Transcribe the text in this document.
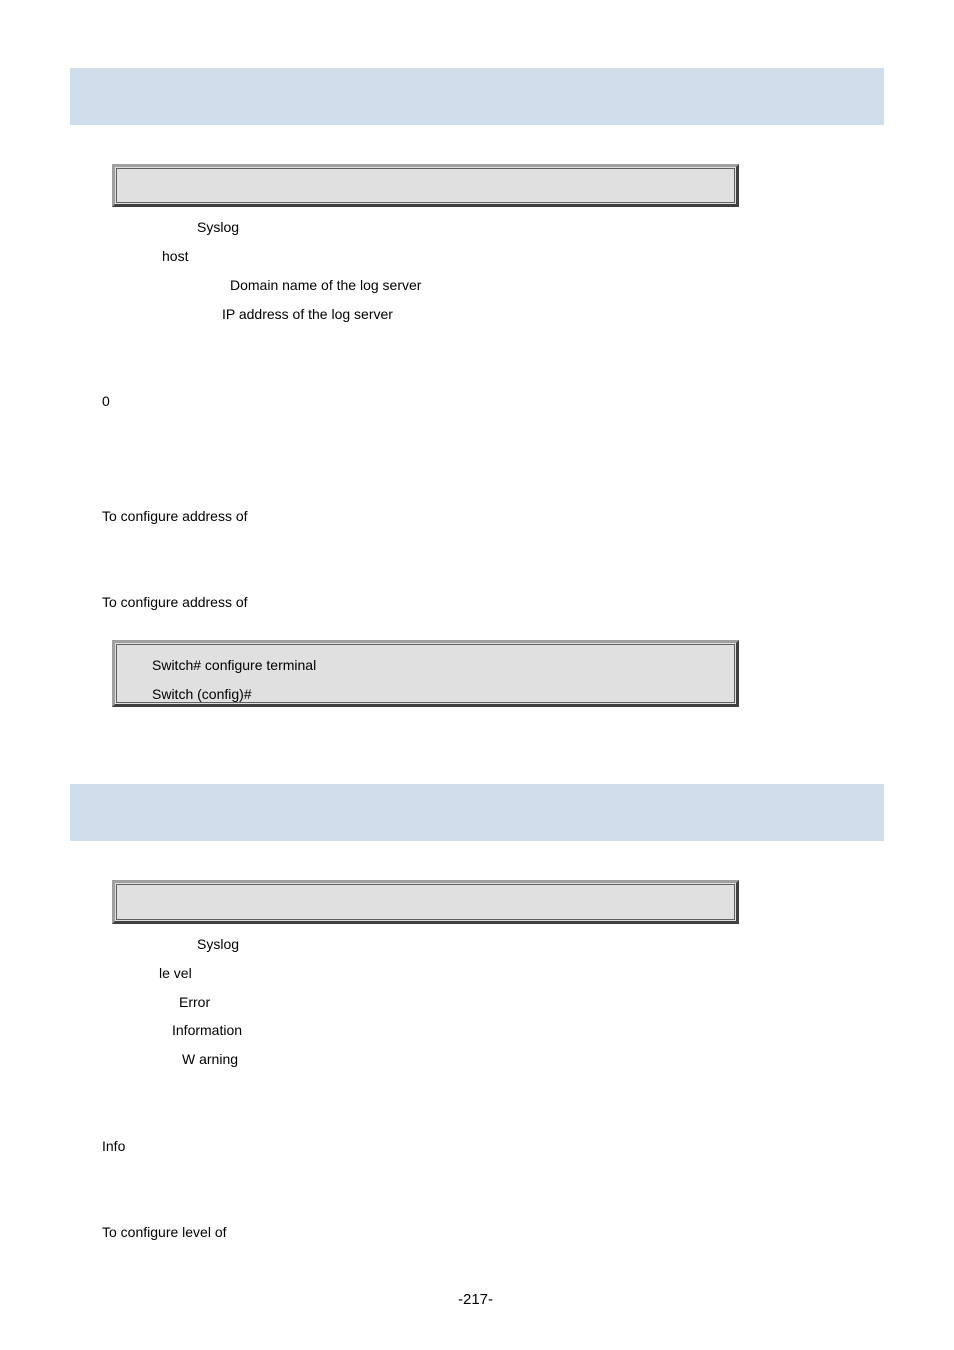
Syslog
host
Domain name of the log server
IP address of the log server
0
To configure address of
To configure address of
Switch# configure terminal
Switch (config)#
Syslog
le vel
Error
Information
W arning
Info
To configure level of
-217-
